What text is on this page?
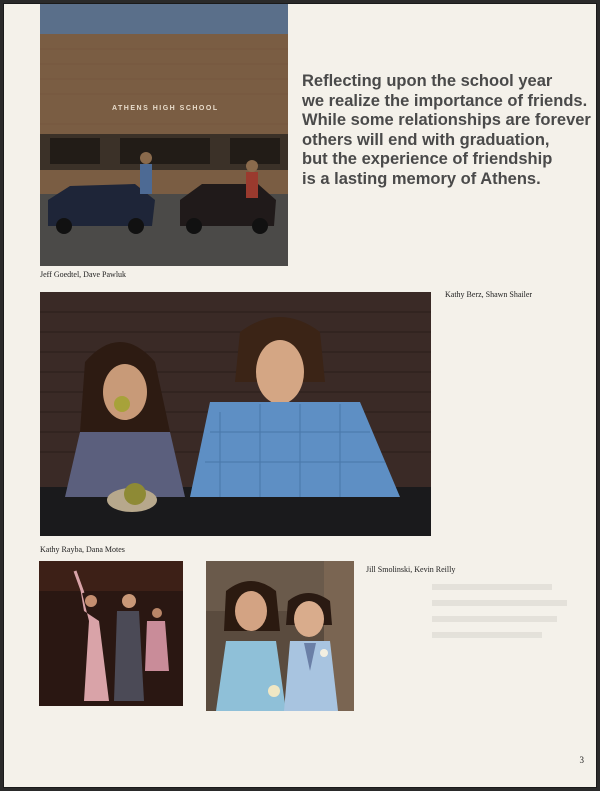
ATHENS HIGH SCHOOL
Jeff Goedtel, Dave Pawluk
Reflecting upon the school year
we realize the importance of friends.
While some relationships are forever
others will end with graduation,
but the experience of friendship
is a lasting memory of Athens.
Kathy Berz, Shawn Shailer
Kathy Rayba, Dana Motes
Jill Smolinski, Kevin Reilly
3
